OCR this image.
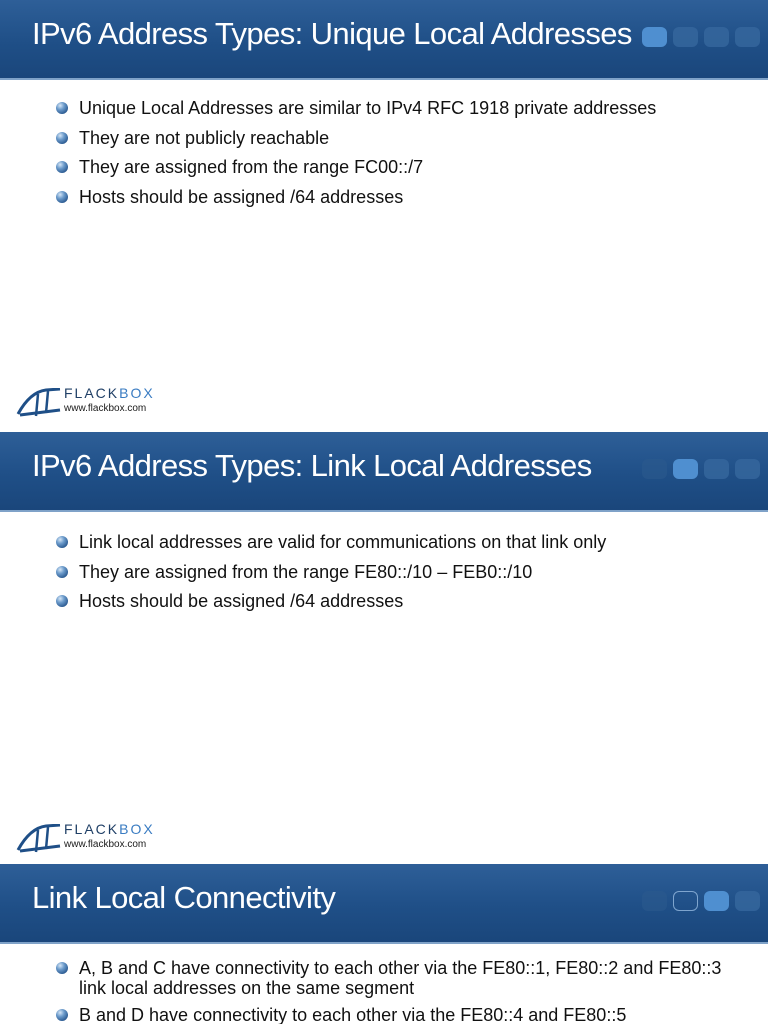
IPv6 Address Types: Unique Local Addresses
Unique Local Addresses are similar to IPv4 RFC 1918 private addresses
They are not publicly reachable
They are assigned from the range FC00::/7
Hosts should be assigned /64 addresses
FLACKBOX
www.flackbox.com
IPv6 Address Types: Link Local Addresses
Link local addresses are valid for communications on that link only
They are assigned from the range FE80::/10 – FEB0::/10
Hosts should be assigned /64 addresses
FLACKBOX
www.flackbox.com
Link Local Connectivity
A, B and C have connectivity to each other via the FE80::1, FE80::2 and FE80::3 link local addresses on the same segment
B and D have connectivity to each other via the FE80::4 and FE80::5
